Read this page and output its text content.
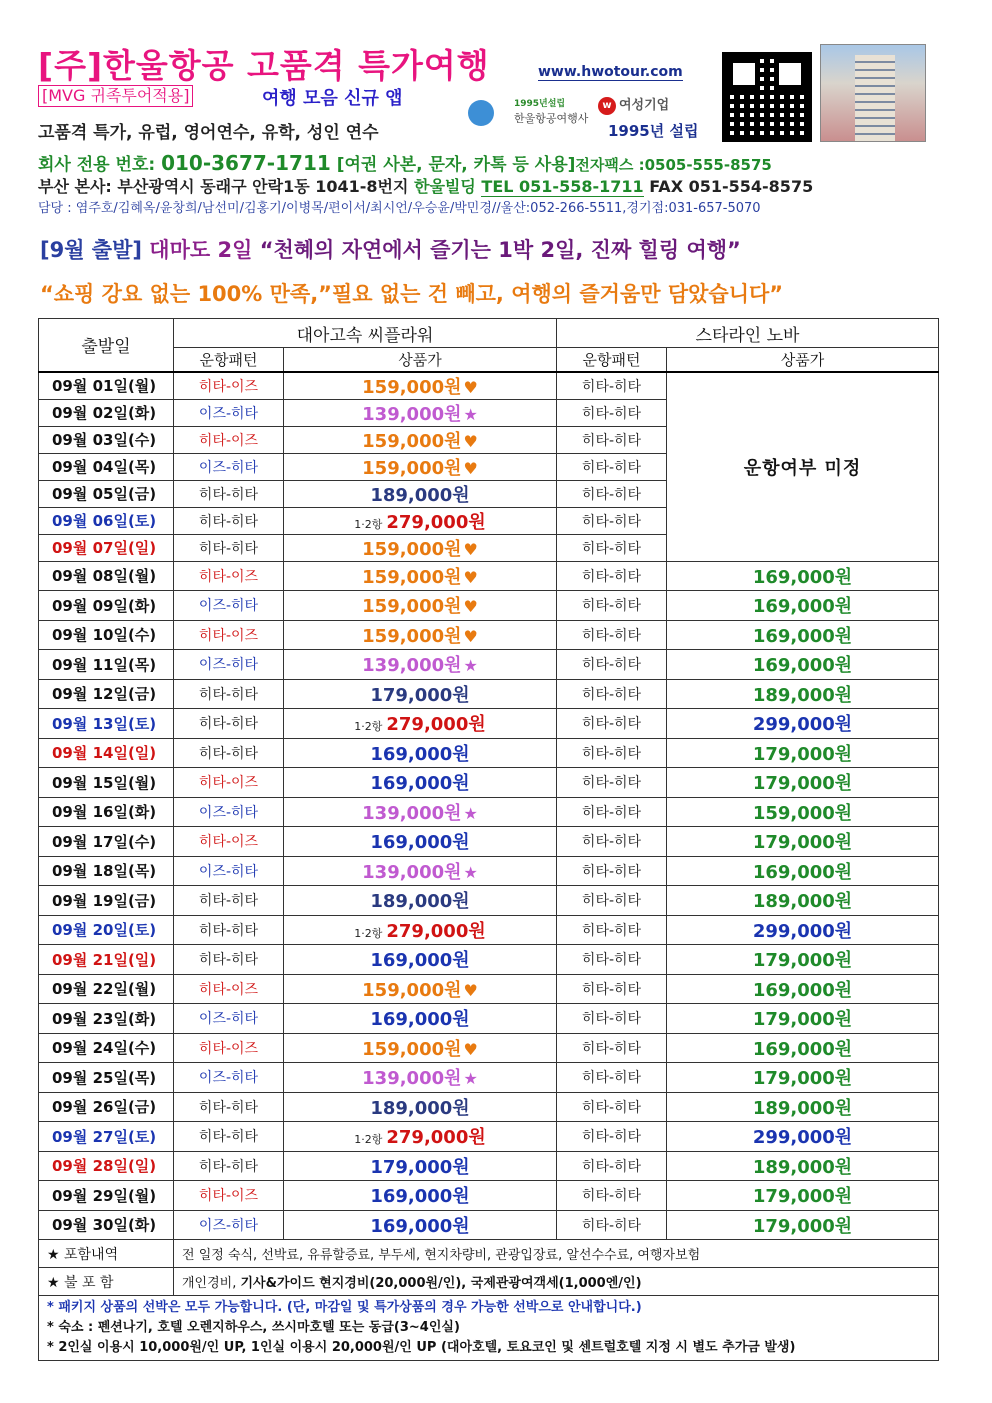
[주]한울항공 고품격 특가여행	www.hwotour.com
[MVG 귀족투어적용]	여행 모음 신규 앱	1995년설립
한울항공여행사
w 여성기업
고품격 특가, 유럽, 영어연수, 유학, 성인 연수	1995년 설립
회사 전용 번호: 010-3677-1711 [여권 사본, 문자, 카톡 등 사용]전자팩스 :0505-555-8575
부산 본사: 부산광역시 동래구 안락1동 1041-8번지 한울빌딩 TEL 051-558-1711 FAX 051-554-8575
담당 : 염주호/김혜옥/윤창희/남선미/김홍기/이병목/편이서/최시언/우승윤/박민경//울산:052-266-5511,경기점:031-657-5070
[9월 출발] 대마도 2일 “천혜의 자연에서 즐기는 1박 2일, 진짜 힐링 여행”
“쇼핑 강요 없는 100% 만족,”필요 없는 건 빼고, 여행의 즐거움만 담았습니다”
출발일	대아고속 씨플라워		스타라인 노바	
	운항패턴	상품가	운항패턴	상품가
09월 01일(월)	히타-이즈	159,000원 ♥	히타-히타	운항여부 미정
09월 02일(화)	이즈-히타	139,000원 ★	히타-히타	
09월 03일(수)	히타-이즈	159,000원 ♥	히타-히타	
09월 04일(목)	이즈-히타	159,000원 ♥	히타-히타	
09월 05일(금)	히타-히타	189,000원	히타-히타	
09월 06일(토)	히타-히타	1·2항 279,000원	히타-히타	
09월 07일(일)	히타-히타	159,000원 ♥	히타-히타	
09월 08일(월)	히타-이즈	159,000원 ♥	히타-히타	169,000원
09월 09일(화)	이즈-히타	159,000원 ♥	히타-히타	169,000원
09월 10일(수)	히타-이즈	159,000원 ♥	히타-히타	169,000원
09월 11일(목)	이즈-히타	139,000원 ★	히타-히타	169,000원
09월 12일(금)	히타-히타	179,000원	히타-히타	189,000원
09월 13일(토)	히타-히타	1·2항 279,000원	히타-히타	299,000원
09월 14일(일)	히타-히타	169,000원	히타-히타	179,000원
09월 15일(월)	히타-이즈	169,000원	히타-히타	179,000원
09월 16일(화)	이즈-히타	139,000원 ★	히타-히타	159,000원
09월 17일(수)	히타-이즈	169,000원	히타-히타	179,000원
09월 18일(목)	이즈-히타	139,000원 ★	히타-히타	169,000원
09월 19일(금)	히타-히타	189,000원	히타-히타	189,000원
09월 20일(토)	히타-히타	1·2항 279,000원	히타-히타	299,000원
09월 21일(일)	히타-히타	169,000원	히타-히타	179,000원
09월 22일(월)	히타-이즈	159,000원 ♥	히타-히타	169,000원
09월 23일(화)	이즈-히타	169,000원	히타-히타	179,000원
09월 24일(수)	히타-이즈	159,000원 ♥	히타-히타	169,000원
09월 25일(목)	이즈-히타	139,000원 ★	히타-히타	179,000원
09월 26일(금)	히타-히타	189,000원	히타-히타	189,000원
09월 27일(토)	히타-히타	1·2항 279,000원	히타-히타	299,000원
09월 28일(일)	히타-히타	179,000원	히타-히타	189,000원
09월 29일(월)	히타-이즈	169,000원	히타-히타	179,000원
09월 30일(화)	이즈-히타	169,000원	히타-히타	179,000원
★ 포함내역	전 일정 숙식, 선박료, 유류할증료, 부두세, 현지차량비, 관광입장료, 알선수수료, 여행자보험			
★ 불 포 함	개인경비, 기사&가이드 현지경비(20,000원/인), 국제관광여객세(1,000엔/인)			

* 패키지 상품의 선박은 모두 가능합니다. (단, 마감일 및 특가상품의 경우 가능한 선박으로 안내합니다.)
* 숙소 : 펜션나기, 호텔 오렌지하우스, 쓰시마호텔 또는 동급(3~4인실)
* 2인실 이용시 10,000원/인 UP, 1인실 이용시 20,000원/인 UP (대아호텔, 토요코인 및 센트럴호텔 지정 시 별도 추가금 발생)				
